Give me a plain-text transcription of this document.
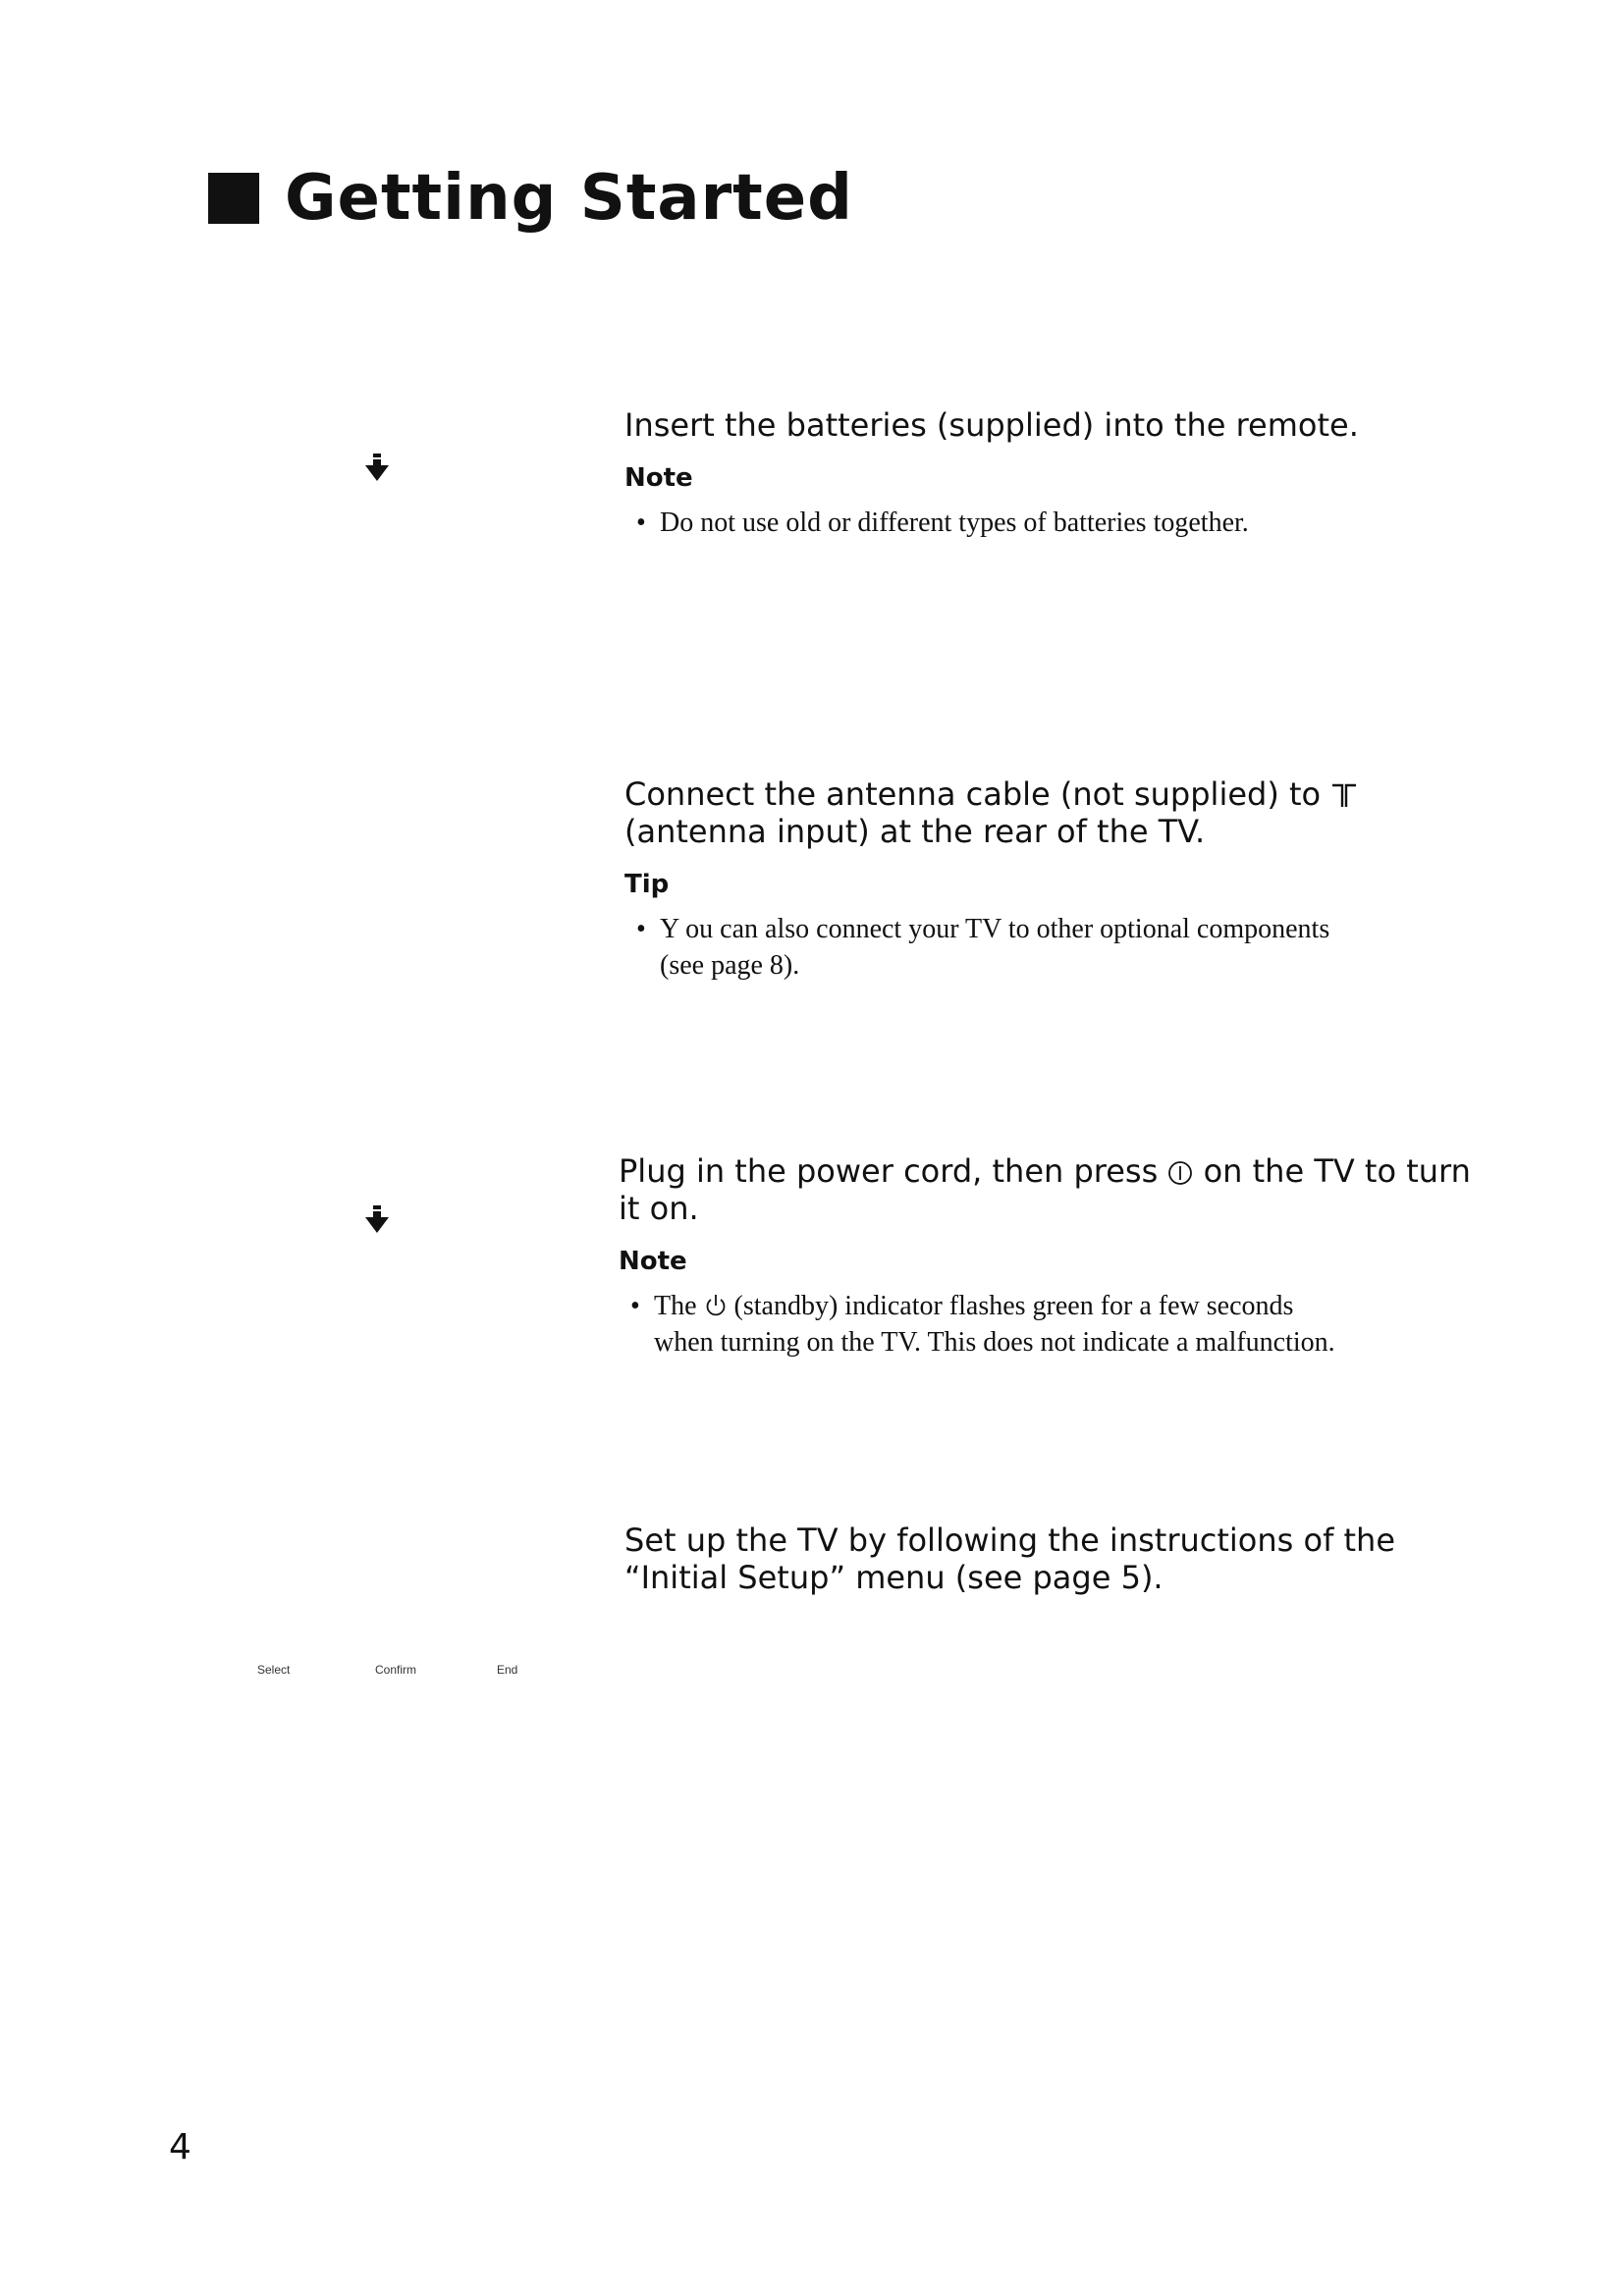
Getting Started
Insert the batteries (supplied) into the remote.
Note
• Do not use old or different types of batteries together.
Connect the antenna cable (not supplied) to
(antenna input) at the rear of the TV.
Tip
• Y ou can also connect your TV to other optional components
(see page 8).
Plug in the power cord, then press on the TV to turn
it on.
Note
• The (standby) indicator flashes green for a few seconds
when turning on the TV. This does not indicate a malfunction.
Set up the TV by following the instructions of the
“Initial Setup” menu (see page 5).
Select	Confirm	End
4
